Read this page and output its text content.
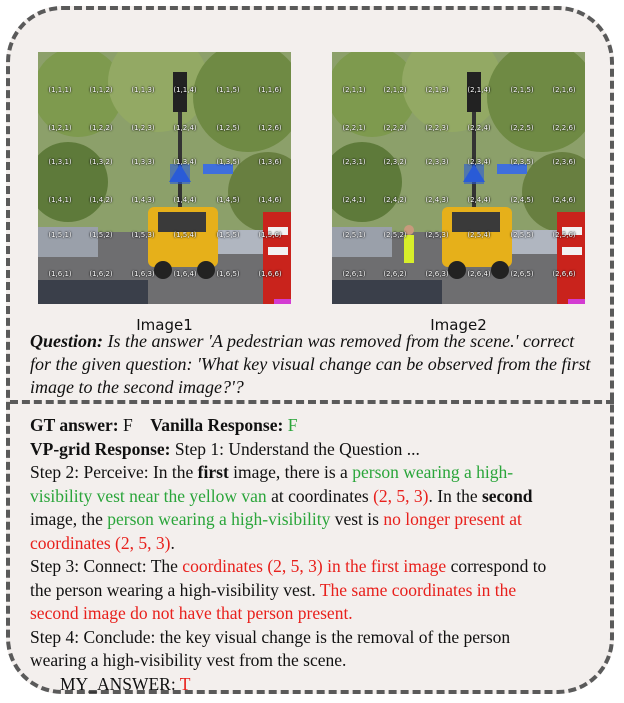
(1,1,1)	(1,1,2)	(1,1,3)	(1,1,4)	(1,1,5)	(1,1,6)
(1,2,1)	(1,2,2)	(1,2,3)	(1,2,4)	(1,2,5)	(1,2,6)
(1,3,1)	(1,3,2)	(1,3,3)	(1,3,4)	(1,3,5)	(1,3,6)
(1,4,1)	(1,4,2)	(1,4,3)	(1,4,4)	(1,4,5)	(1,4,6)
(1,5,1)	(1,5,2)	(1,5,3)	(1,5,4)	(1,5,5)	(1,5,6)
(1,6,1)	(1,6,2)	(1,6,3)	(1,6,4)	(1,6,5)	(1,6,6)
(2,1,1)	(2,1,2)	(2,1,3)	(2,1,4)	(2,1,5)	(2,1,6)
(2,2,1)	(2,2,2)	(2,2,3)	(2,2,4)	(2,2,5)	(2,2,6)
(2,3,1)	(2,3,2)	(2,3,3)	(2,3,4)	(2,3,5)	(2,3,6)
(2,4,1)	(2,4,2)	(2,4,3)	(2,4,4)	(2,4,5)	(2,4,6)
(2,5,1)	(2,5,2)	(2,5,3)	(2,5,4)	(2,5,5)	(2,5,6)
(2,6,1)	(2,6,2)	(2,6,3)	(2,6,4)	(2,6,5)	(2,6,6)
Image1	Image2
Question: Is the answer 'A pedestrian was removed from the scene.' correct for the given question: 'What key visual change can be observed from the first image to the second image?'?
GT answer: F Vanilla Response: F
VP-grid Response: Step 1: Understand the Question ...
Step 2: Perceive: In the first image, there is a person wearing a high-
visibility vest near the yellow van at coordinates (2, 5, 3). In the second
image, the person wearing a high-visibility vest is no longer present at
coordinates (2, 5, 3).
Step 3: Connect: The coordinates (2, 5, 3) in the first image correspond to
the person wearing a high-visibility vest. The same coordinates in the
second image do not have that person present.
Step 4: Conclude: the key visual change is the removal of the person
wearing a high-visibility vest from the scene.
MY_ANSWER: T
